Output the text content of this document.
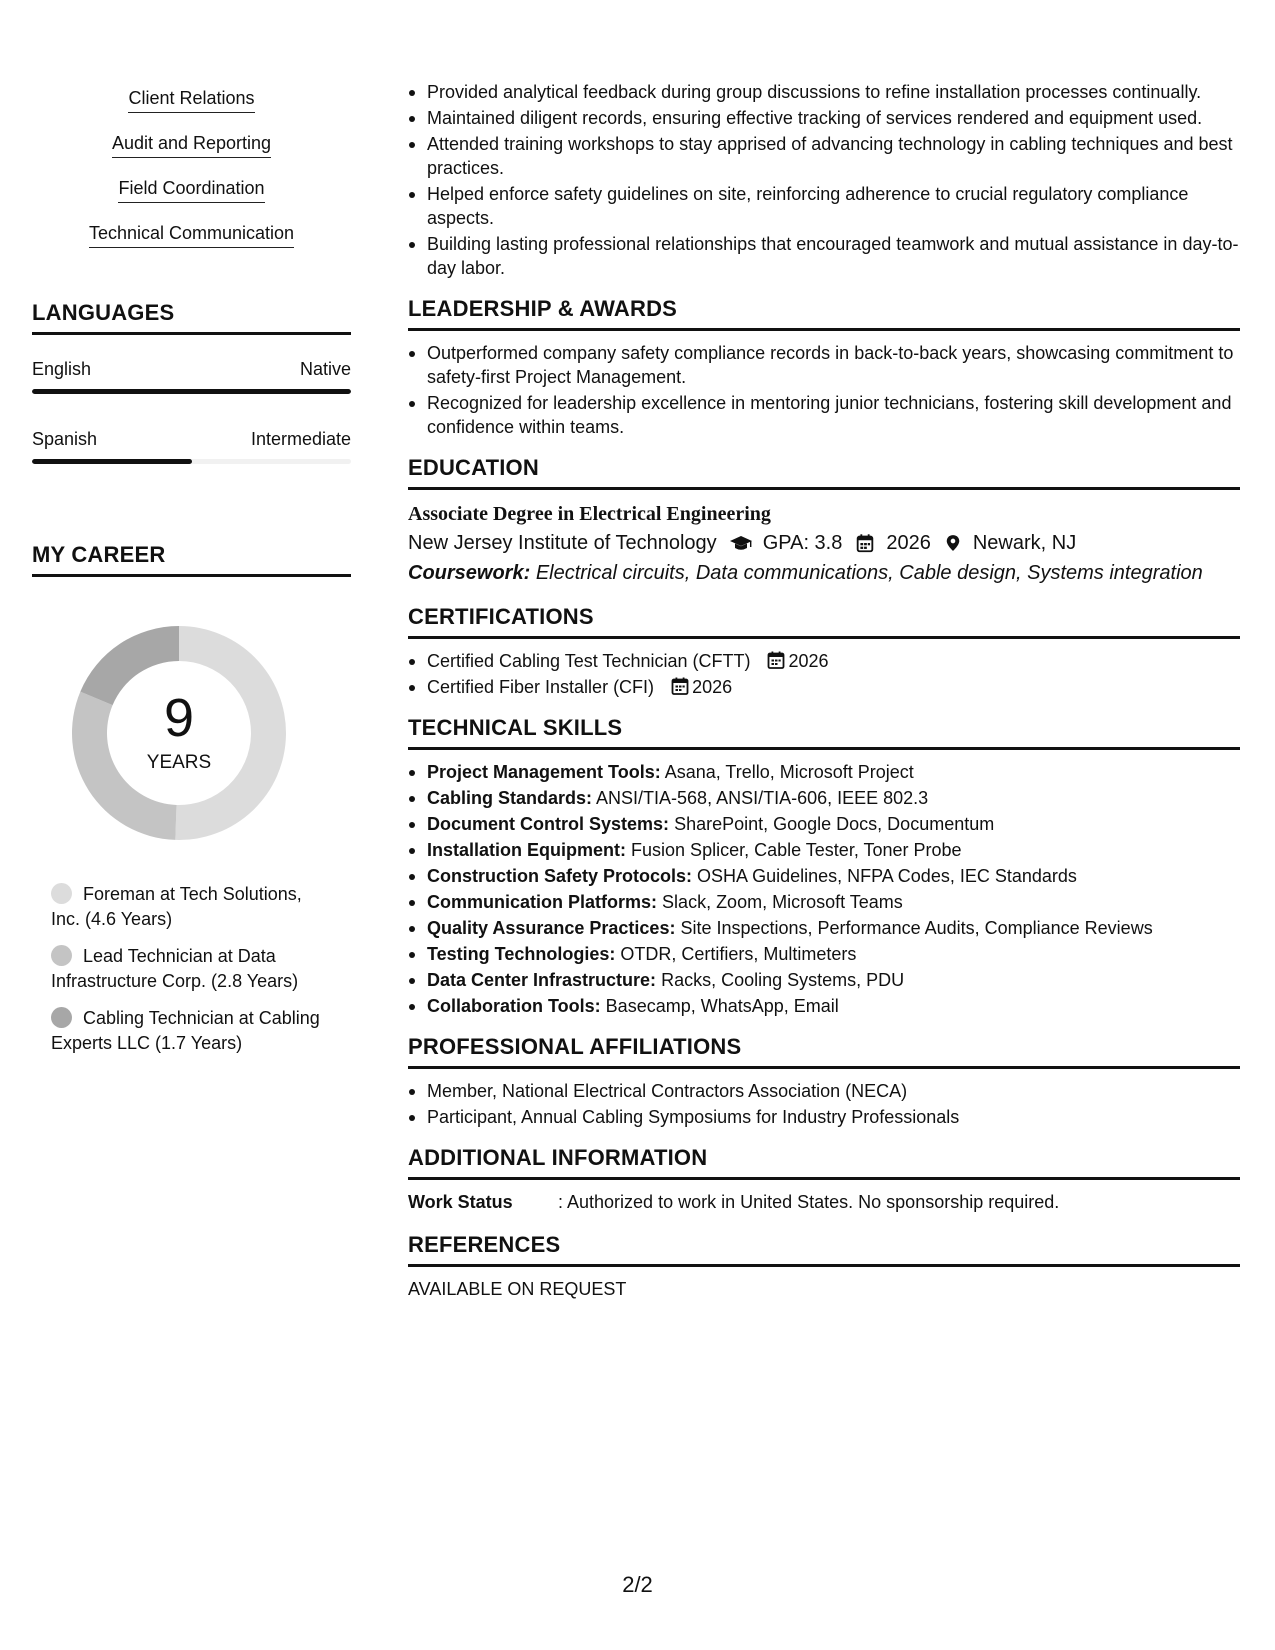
Client Relations
Audit and Reporting
Field Coordination
Technical Communication
LANGUAGES
English	Native
Spanish	Intermediate
MY CAREER
9
YEARS
Foreman at Tech Solutions, Inc. (4.6 Years)
Lead Technician at Data Infrastructure Corp. (2.8 Years)
Cabling Technician at Cabling Experts LLC (1.7 Years)
Provided analytical feedback during group discussions to refine installation processes continually.
Maintained diligent records, ensuring effective tracking of services rendered and equipment used.
Attended training workshops to stay apprised of advancing technology in cabling techniques and best practices.
Helped enforce safety guidelines on site, reinforcing adherence to crucial regulatory compliance aspects.
Building lasting professional relationships that encouraged teamwork and mutual assistance in day-to-day labor.
LEADERSHIP & AWARDS
Outperformed company safety compliance records in back-to-back years, showcasing commitment to safety-first Project Management.
Recognized for leadership excellence in mentoring junior technicians, fostering skill development and confidence within teams.
EDUCATION
Associate Degree in Electrical Engineering
New Jersey Institute of Technology GPA: 3.8 2026 Newark, NJ
Coursework: Electrical circuits, Data communications, Cable design, Systems integration
CERTIFICATIONS
Certified Cabling Test Technician (CFTT) 2026
Certified Fiber Installer (CFI) 2026
TECHNICAL SKILLS
Project Management Tools: Asana, Trello, Microsoft Project
Cabling Standards: ANSI/TIA-568, ANSI/TIA-606, IEEE 802.3
Document Control Systems: SharePoint, Google Docs, Documentum
Installation Equipment: Fusion Splicer, Cable Tester, Toner Probe
Construction Safety Protocols: OSHA Guidelines, NFPA Codes, IEC Standards
Communication Platforms: Slack, Zoom, Microsoft Teams
Quality Assurance Practices: Site Inspections, Performance Audits, Compliance Reviews
Testing Technologies: OTDR, Certifiers, Multimeters
Data Center Infrastructure: Racks, Cooling Systems, PDU
Collaboration Tools: Basecamp, WhatsApp, Email
PROFESSIONAL AFFILIATIONS
Member, National Electrical Contractors Association (NECA)
Participant, Annual Cabling Symposiums for Industry Professionals
ADDITIONAL INFORMATION
Work Status	: Authorized to work in United States. No sponsorship required.
REFERENCES
AVAILABLE ON REQUEST
2/2
